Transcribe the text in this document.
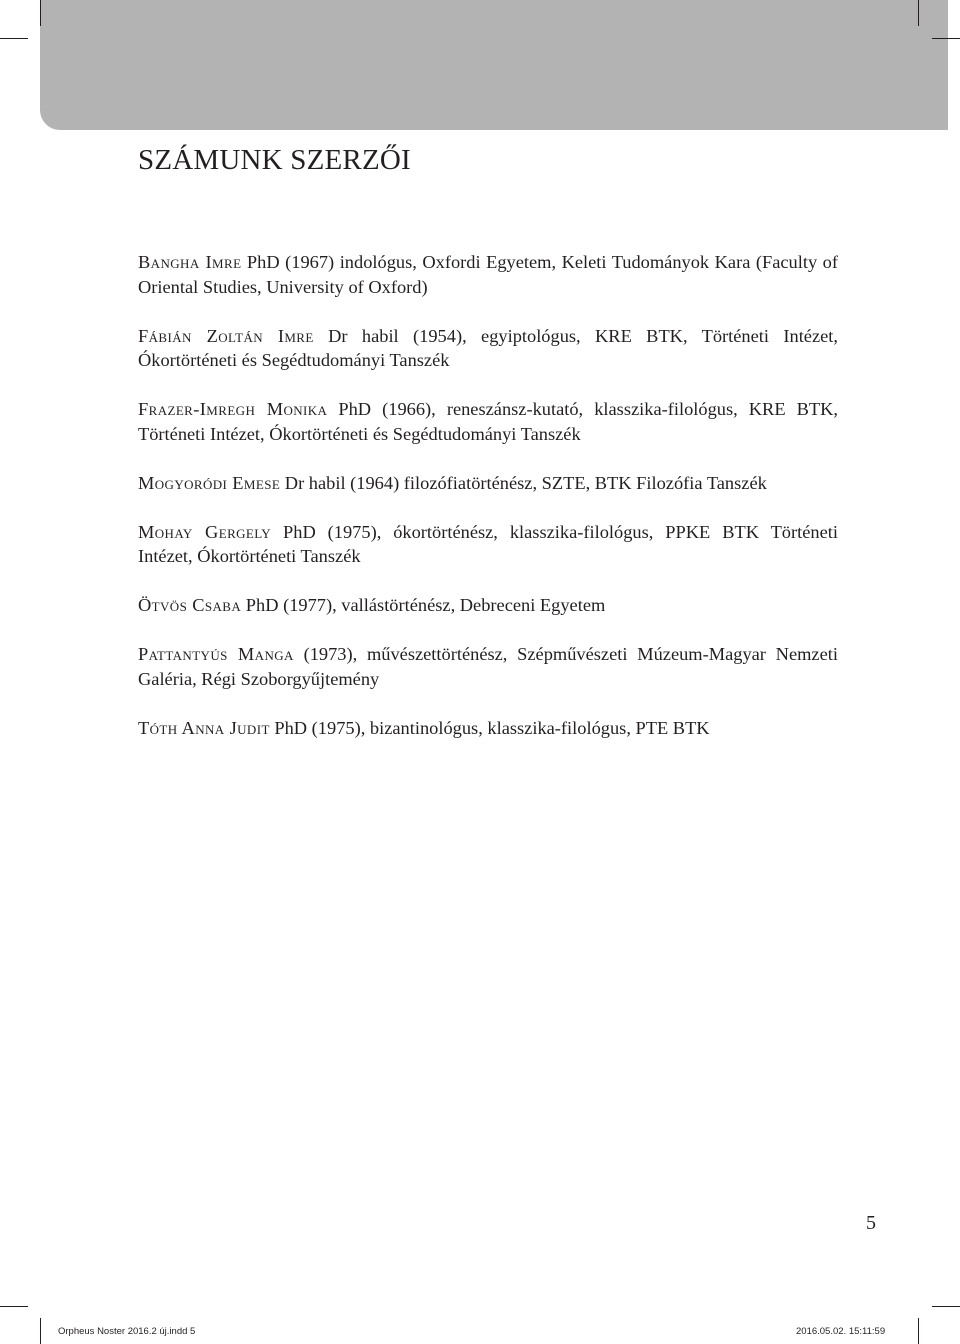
SZÁMUNK SZERZŐI
Bangha Imre PhD (1967) indológus, Oxfordi Egyetem, Keleti Tudományok Kara (Faculty of Oriental Studies, University of Oxford)
Fábián Zoltán Imre Dr habil (1954), egyiptológus, KRE BTK, Történeti Intézet, Ókortörténeti és Segédtudományi Tanszék
Frazer-Imregh Monika PhD (1966), reneszánsz-kutató, klasszika-filológus, KRE BTK, Történeti Intézet, Ókortörténeti és Segédtudományi Tanszék
Mogyoródi Emese Dr habil (1964) filozófiatörténész, SZTE, BTK Filozófia Tanszék
Mohay Gergely PhD (1975), ókortörténész, klasszika-filológus, PPKE BTK Történeti Intézet, Ókortörténeti Tanszék
Ötvös Csaba PhD (1977), vallástörténész, Debreceni Egyetem
Pattantyús Manga (1973), művészettörténész, Szépművészeti Múzeum-Magyar Nemzeti Galéria, Régi Szoborgyűjtemény
Tóth Anna Judit PhD (1975), bizantinológus, klasszika-filológus, PTE BTK
5
Orpheus Noster 2016.2 új.indd 5	2016.05.02. 15:11:59
